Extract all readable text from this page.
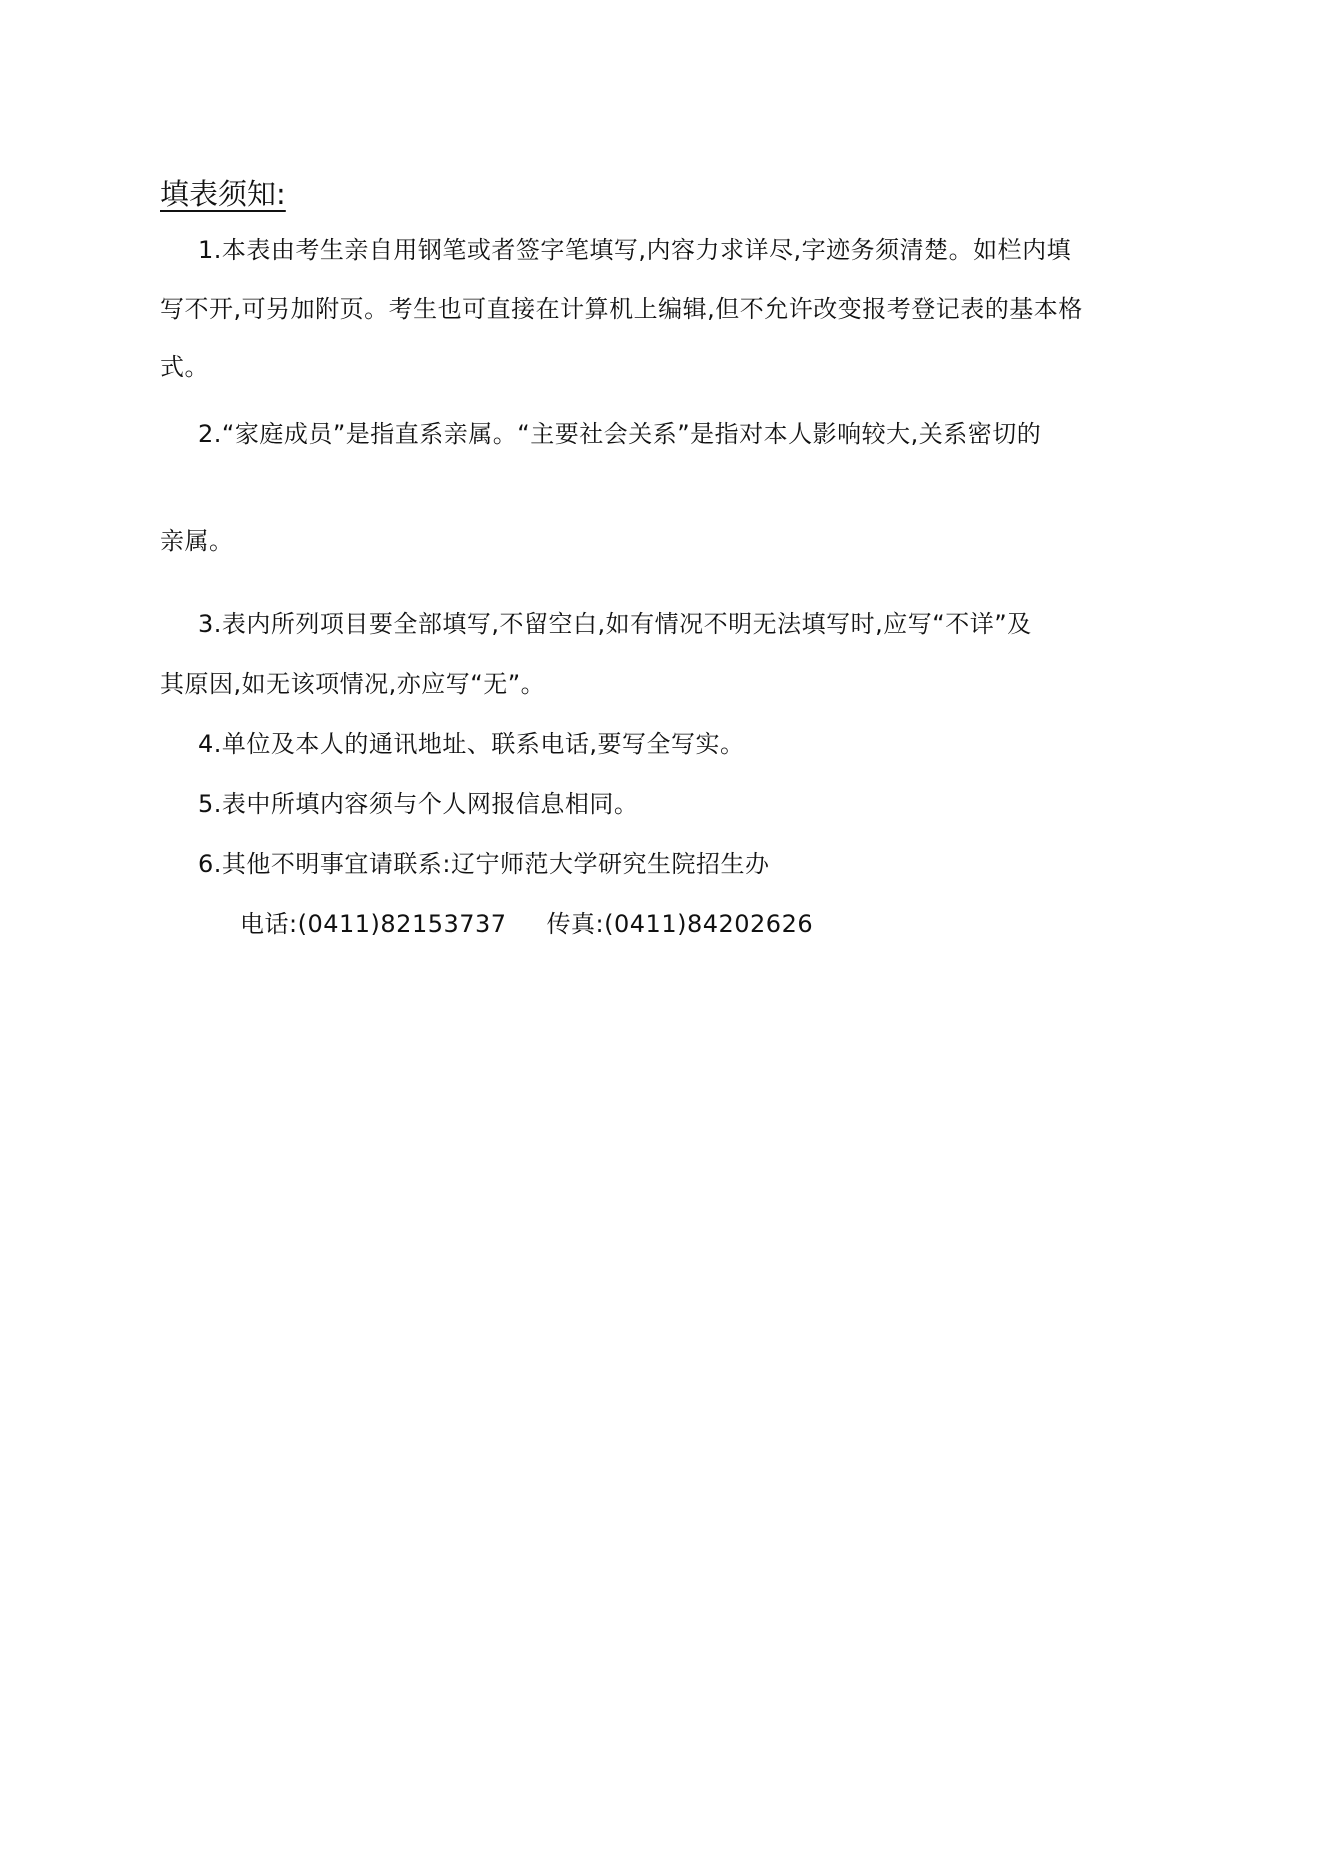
填表须知:
1.本表由考生亲自用钢笔或者签字笔填写,内容力求详尽,字迹务须清楚。如栏内填
写不开,可另加附页。考生也可直接在计算机上编辑,但不允许改变报考登记表的基本格
式。
2.“家庭成员”是指直系亲属。“主要社会关系”是指对本人影响较大,关系密切的
亲属。
3.表内所列项目要全部填写,不留空白,如有情况不明无法填写时,应写“不详”及
其原因,如无该项情况,亦应写“无”。
4.单位及本人的通讯地址、联系电话,要写全写实。
5.表中所填内容须与个人网报信息相同。
6.其他不明事宜请联系:辽宁师范大学研究生院招生办
电话:(0411)82153737 传真:(0411)84202626
